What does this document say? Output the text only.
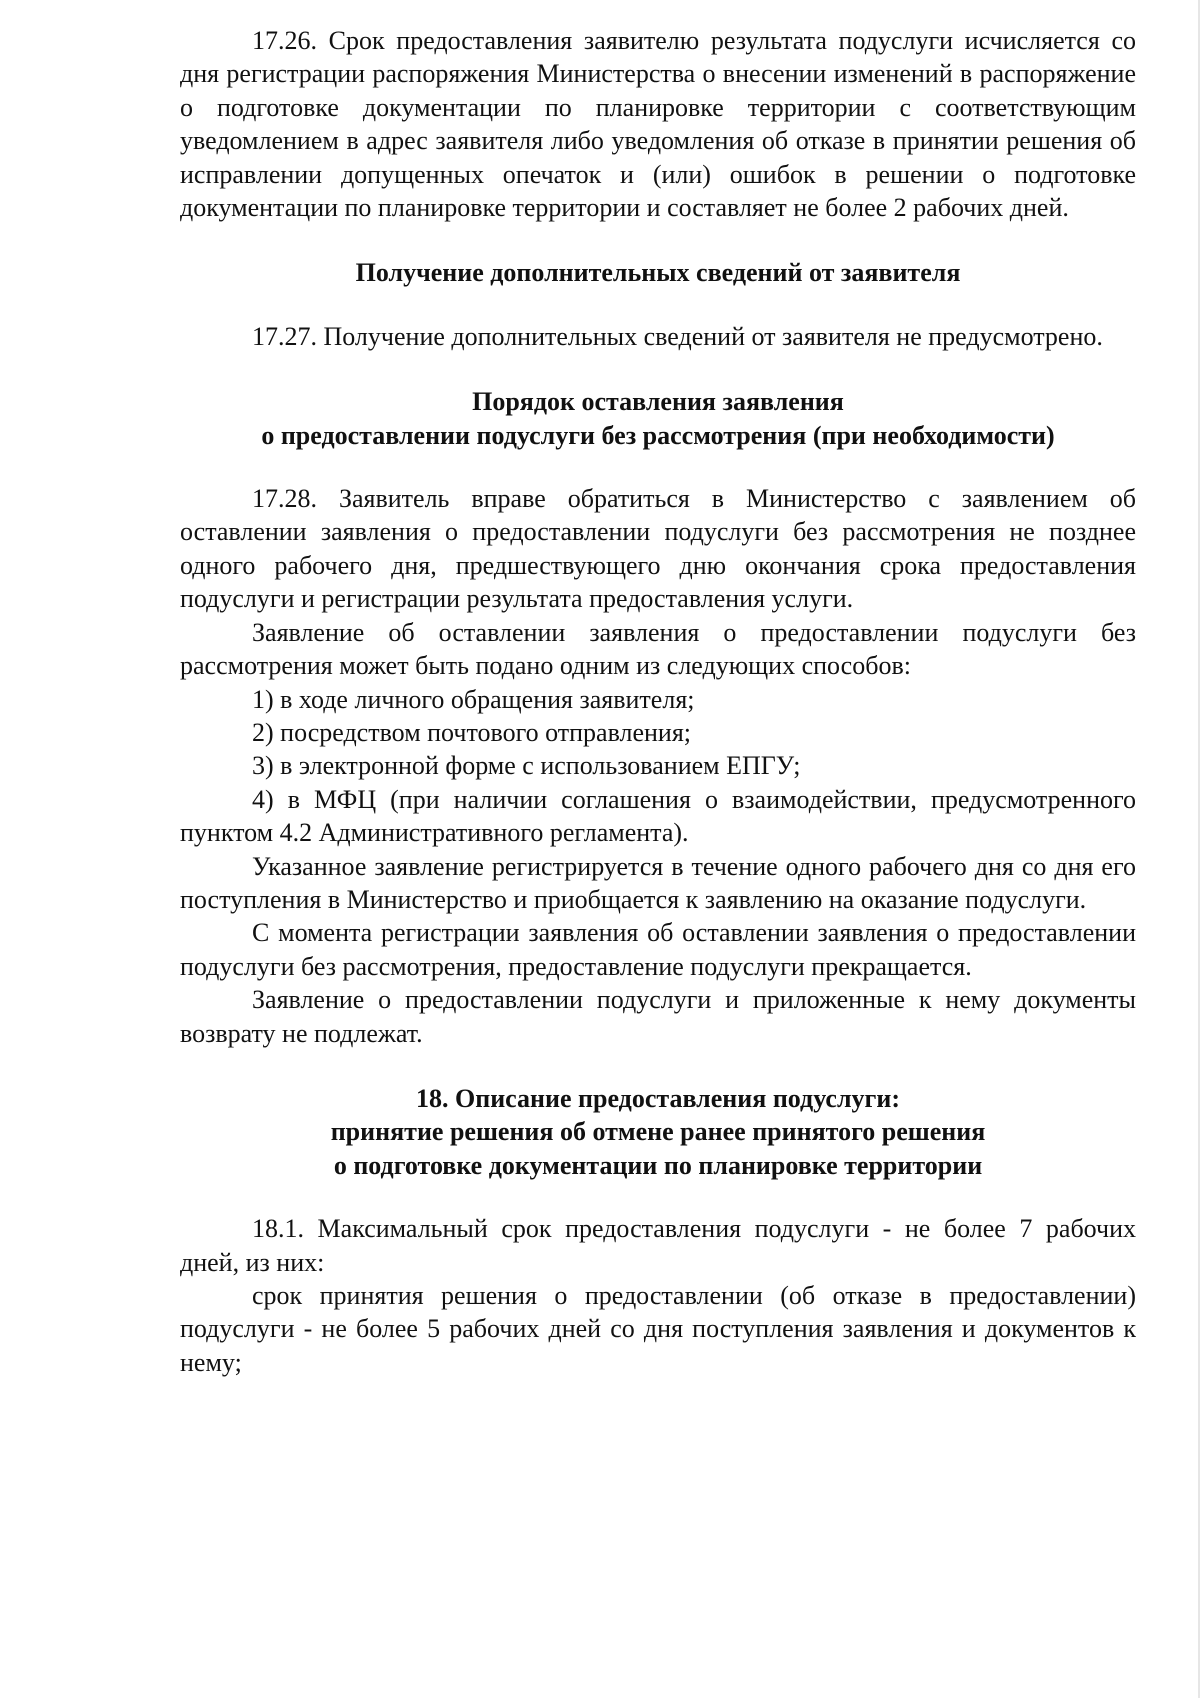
17.26. Срок предоставления заявителю результата подуслуги исчисляется со дня регистрации распоряжения Министерства о внесении изменений в распоряжение о подготовке документации по планировке территории с соответствующим уведомлением в адрес заявителя либо уведомления об отказе в принятии решения об исправлении допущенных опечаток и (или) ошибок в решении о подготовке документации по планировке территории и составляет не более 2 рабочих дней.

Получение дополнительных сведений от заявителя

17.27. Получение дополнительных сведений от заявителя не предусмотрено.

Порядок оставления заявления
о предоставлении подуслуги без рассмотрения (при необходимости)

17.28. Заявитель вправе обратиться в Министерство с заявлением об оставлении заявления о предоставлении подуслуги без рассмотрения не позднее одного рабочего дня, предшествующего дню окончания срока предоставления подуслуги и регистрации результата предоставления услуги.

Заявление об оставлении заявления о предоставлении подуслуги без рассмотрения может быть подано одним из следующих способов:

1) в ходе личного обращения заявителя;

2) посредством почтового отправления;

3) в электронной форме с использованием ЕПГУ;

4) в МФЦ (при наличии соглашения о взаимодействии, предусмотренного пунктом 4.2 Административного регламента).

Указанное заявление регистрируется в течение одного рабочего дня со дня его поступления в Министерство и приобщается к заявлению на оказание подуслуги.

С момента регистрации заявления об оставлении заявления о предоставлении подуслуги без рассмотрения, предоставление подуслуги прекращается.

Заявление о предоставлении подуслуги и приложенные к нему документы возврату не подлежат.

18. Описание предоставления подуслуги:
принятие решения об отмене ранее принятого решения
о подготовке документации по планировке территории

18.1. Максимальный срок предоставления подуслуги - не более 7 рабочих дней, из них:

срок принятия решения о предоставлении (об отказе в предоставлении) подуслуги - не более 5 рабочих дней со дня поступления заявления и документов к нему;
